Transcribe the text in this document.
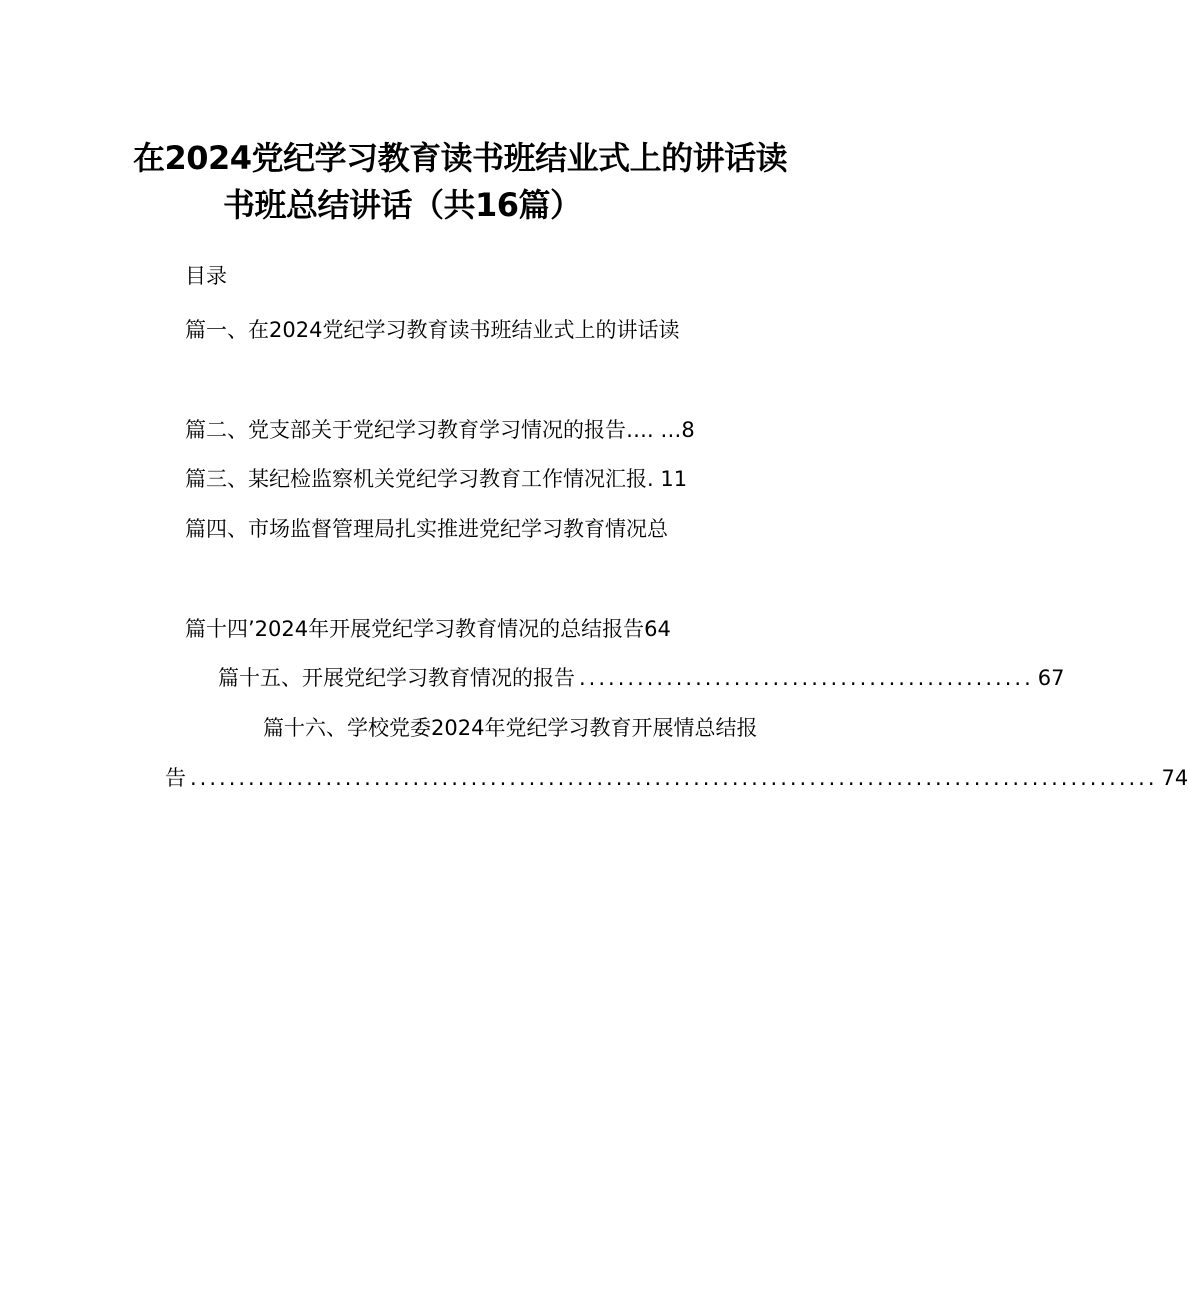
在2024党纪学习教育读书班结业式上的讲话读
书班总结讲话（共16篇）
目录
篇一、在2024党纪学习教育读书班结业式上的讲话读
篇二、党支部关于党纪学习教育学习情况的报告…. …8
篇三、某纪检监察机关党纪学习教育工作情况汇报. 11
篇四、市场监督管理局扎实推进党纪学习教育情况总
篇十四’2024年开展党纪学习教育情况的总结报告64
篇十五、开展党纪学习教育情况的报告 ............................................... 67
篇十六、学校党委2024年党纪学习教育开展情总结报
告 .................................................................................................... 74
